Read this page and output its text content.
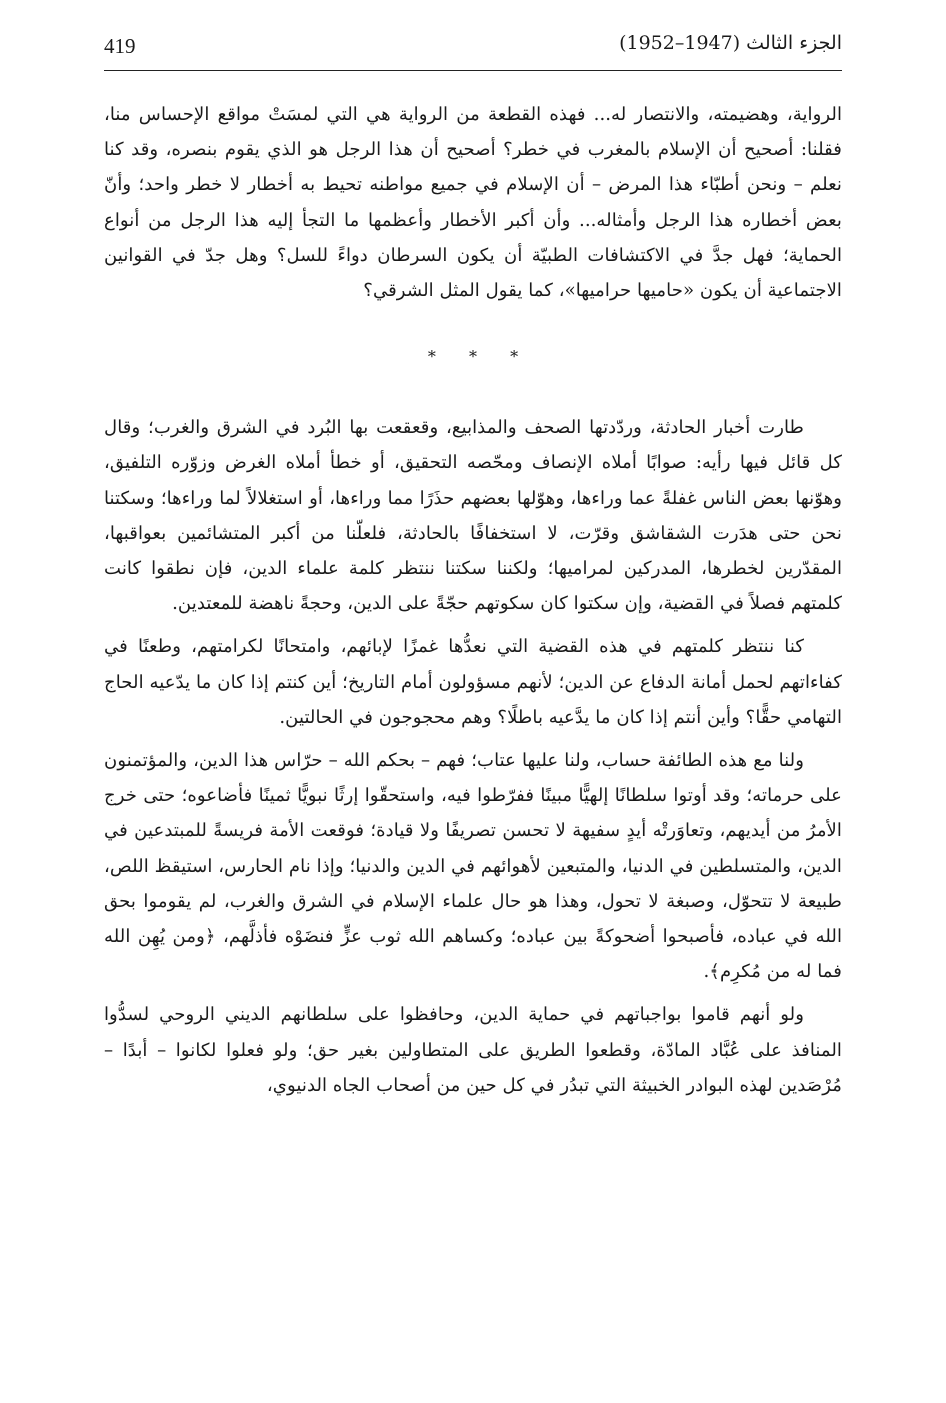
419	الجزء الثالث (1947–1952)

الرواية، وهضيمته، والانتصار له... فهذه القطعة من الرواية هي التي لمسَتْ مواقع الإحساس منا، فقلنا: أصحيح أن الإسلام بالمغرب في خطر؟ أصحيح أن هذا الرجل هو الذي يقوم بنصره، وقد كنا نعلم – ونحن أطبّاء هذا المرض – أن الإسلام في جميع مواطنه تحيط به أخطار لا خطر واحد؛ وأنّ بعض أخطاره هذا الرجل وأمثاله... وأن أكبر الأخطار وأعظمها ما التجأ إليه هذا الرجل من أنواع الحماية؛ فهل جدَّ في الاكتشافات الطبيّة أن يكون السرطان دواءً للسل؟ وهل جدّ في القوانين الاجتماعية أن يكون «حاميها حراميها»، كما يقول المثل الشرقي؟

* * *

طارت أخبار الحادثة، وردّدتها الصحف والمذابيع، وقعقعت بها البُرد في الشرق والغرب؛ وقال كل قائل فيها رأيه: صوابًا أملاه الإنصاف ومحّصه التحقيق، أو خطأ أملاه الغرض وزوّره التلفيق، وهوّنها بعض الناس غفلةً عما وراءها، وهوّلها بعضهم حذَرًا مما وراءها، أو استغلالاً لما وراءها؛ وسكتنا نحن حتى هدَرت الشقاشق وقرّت، لا استخفافًا بالحادثة، فلعلّنا من أكبر المتشائمين بعواقبها، المقدّرين لخطرها، المدركين لمراميها؛ ولكننا سكتنا ننتظر كلمة علماء الدين، فإن نطقوا كانت كلمتهم فصلاً في القضية، وإن سكتوا كان سكوتهم حجّةً على الدين، وحجةً ناهضة للمعتدين.

كنا ننتظر كلمتهم في هذه القضية التي نعدُّها غمزًا لإبائهم، وامتحانًا لكرامتهم، وطعنًا في كفاءاتهم لحمل أمانة الدفاع عن الدين؛ لأنهم مسؤولون أمام التاريخ؛ أين كنتم إذا كان ما يدّعيه الحاج التهامي حقًّا؟ وأين أنتم إذا كان ما يدَّعيه باطلًا؟ وهم محجوجون في الحالتين.

ولنا مع هذه الطائفة حساب، ولنا عليها عتاب؛ فهم – بحكم الله – حرّاس هذا الدين، والمؤتمنون على حرماته؛ وقد أوتوا سلطانًا إلهيًّا مبينًا ففرّطوا فيه، واستحقّوا إرثًا نبويًّا ثمينًا فأضاعوه؛ حتى خرج الأمرُ من أيديهم، وتعاوَرتْه أيدٍ سفيهة لا تحسن تصريفًا ولا قيادة؛ فوقعت الأمة فريسةً للمبتدعين في الدين، والمتسلطين في الدنيا، والمتبعين لأهوائهم في الدين والدنيا؛ وإذا نام الحارس، استيقظ اللص، طبيعة لا تتحوّل، وصبغة لا تحول، وهذا هو حال علماء الإسلام في الشرق والغرب، لم يقوموا بحق الله في عباده، فأصبحوا أضحوكةً بين عباده؛ وكساهم الله ثوب عزٍّ فنضَوْه فأذلَّهم، ﴿ومن يُهِن الله فما له من مُكرِم﴾.

ولو أنهم قاموا بواجباتهم في حماية الدين، وحافظوا على سلطانهم الديني الروحي لسدُّوا المنافذ على عُبَّاد المادّة، وقطعوا الطريق على المتطاولين بغير حق؛ ولو فعلوا لكانوا – أبدًا – مُرْصَدين لهذه البوادر الخبيثة التي تبدُر في كل حين من أصحاب الجاه الدنيوي،
